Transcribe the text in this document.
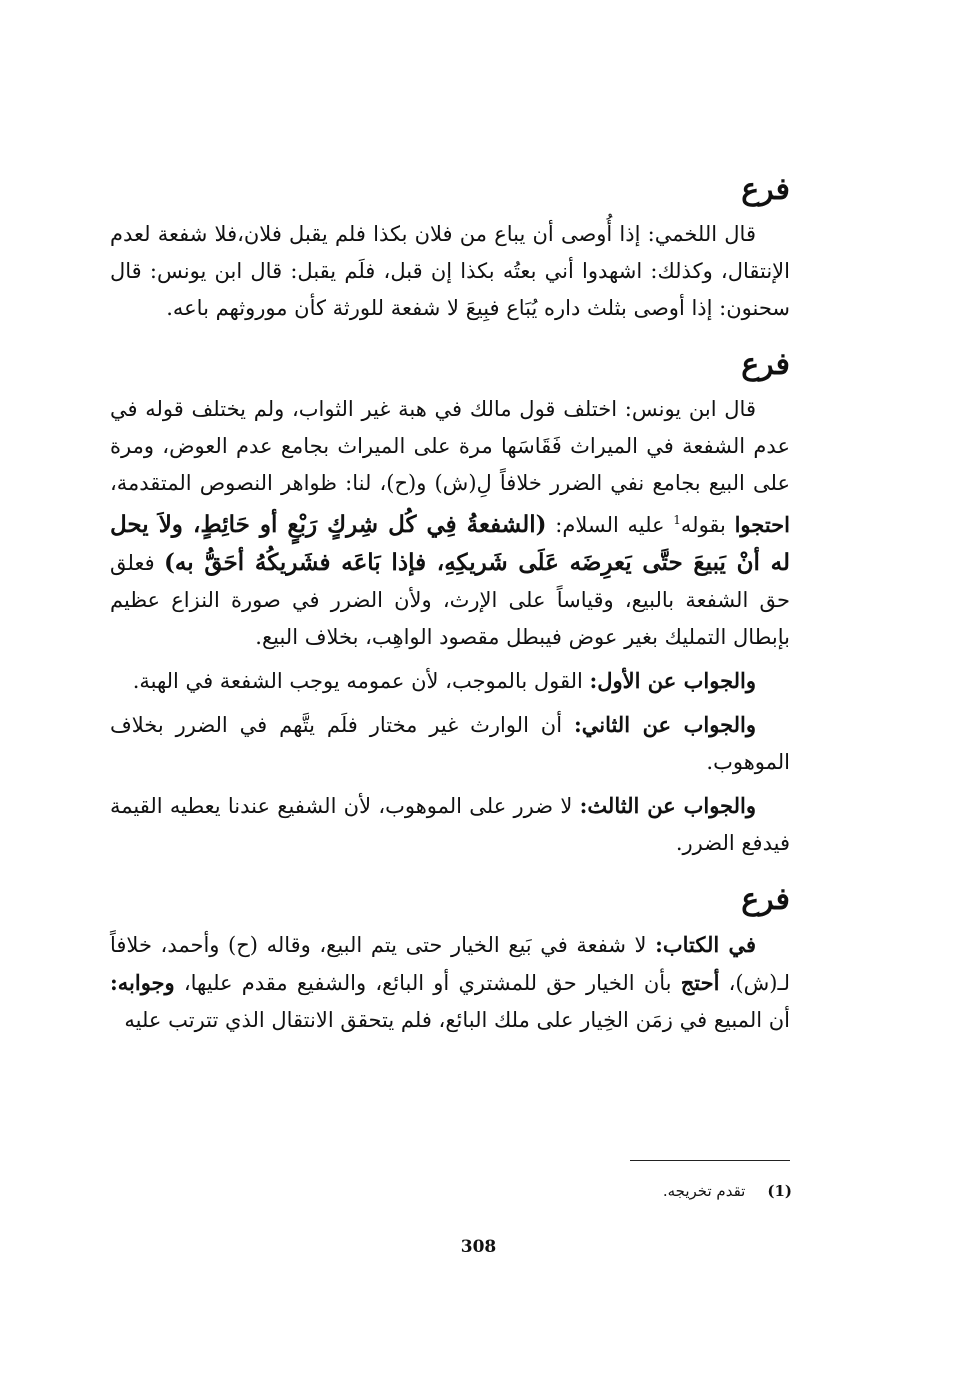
فرع

قال اللخمي: إذا أُوصى أن يباع من فلان بكذا فلم يقبل فلان،فلا شفعة لعدم الإنتقال، وكذلك: اشهدوا أني بعتُه بكذا إن قبل، فلَم يقبل: قال ابن يونس: قال سحنون: إذا أوصى بثلث داره يُبَاع فبِيعَ لا شفعة للورثة كأن موروثهم باعه.

فرع

قال ابن يونس: اختلف قول مالك في هبة غير الثواب، ولم يختلف قوله في عدم الشفعة في الميراث فَقَاسَها مرة على الميراث بجامع عدم العوض، ومرة على البيع بجامع نفي الضرر خلافاً لِ(ش) و(ح)، لنا: ظواهر النصوص المتقدمة، احتجوا بقوله$^1$ عليه السلام: (الشفعةُ فِي كُل شِركٍ رَبْعٍ أو حَائِطٍ، ولاَ يحل له أنْ يَبيعَ حتَّى يَعرِضَه عَلَى شَريكِهِ، فإذا بَاعَه فشَريكُهُ أحَقُّ به) فعلق حق الشفعة بالبيع، وقياساً على الإرث، ولأن الضرر في صورة النزاع عظيم بإبطال التمليك بغير عوض فيبطل مقصود الواهِب، بخلاف البيع.

والجواب عن الأول: القول بالموجب، لأن عمومه يوجب الشفعة في الهبة.

والجواب عن الثاني: أن الوارث غير مختار فلَم يتَّهم في الضرر بخلاف الموهوب.

والجواب عن الثالث: لا ضرر على الموهوب، لأن الشفيع عندنا يعطيه القيمة فيدفع الضرر.

فرع

في الكتاب: لا شفعة في بَيع الخيار حتى يتم البيع، وقاله (ح) وأحمد، خلافاً لـ(ش)، أحتج بأن الخيار حق للمشتري أو البائع، والشفيع مقدم عليها، وجوابه: أن المبيع في زمَن الخِيار على ملك البائع، فلم يتحقق الانتقال الذي تترتب عليه

(1)تقدم تخريجه.
308
